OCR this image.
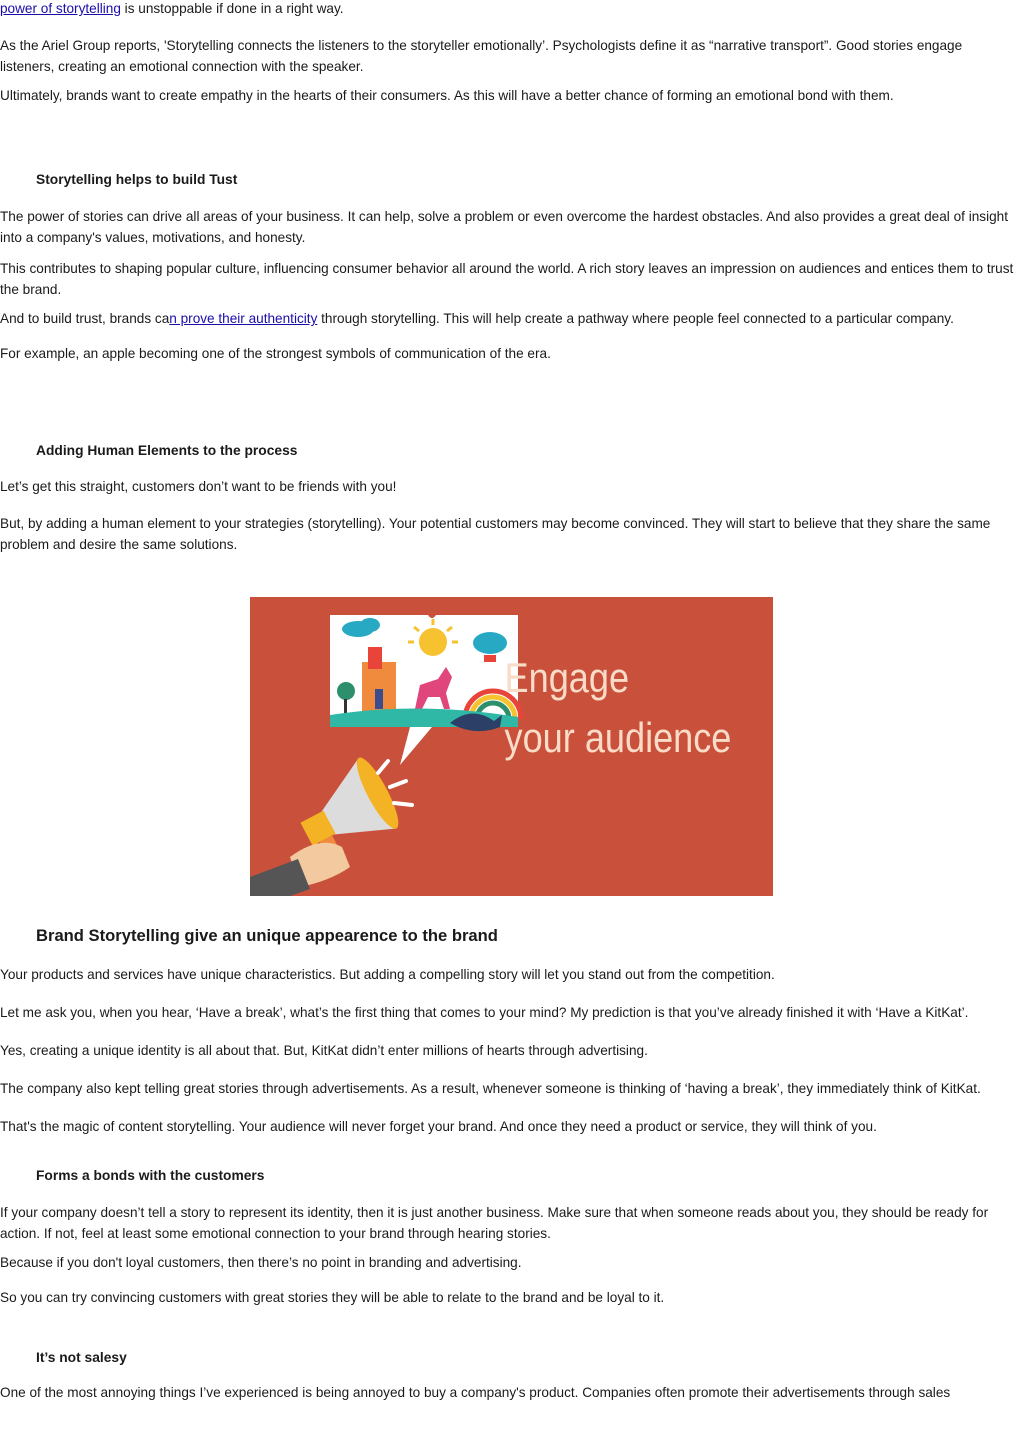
power of storytelling is unstoppable if done in a right way.

As the Ariel Group reports, 'Storytelling connects the listeners to the storyteller emotionally’. Psychologists define it as “narrative transport”. Good stories engage listeners, creating an emotional connection with the speaker.

Ultimately, brands want to create empathy in the hearts of their consumers. As this will have a better chance of forming an emotional bond with them.

Storytelling helps to build Tust

The power of stories can drive all areas of your business. It can help, solve a problem or even overcome the hardest obstacles. And also provides a great deal of insight into a company's values, motivations, and honesty.

This contributes to shaping popular culture, influencing consumer behavior all around the world. A rich story leaves an impression on audiences and entices them to trust the brand.

And to build trust, brands can prove their authenticity through storytelling. This will help create a pathway where people feel connected to a particular company.

For example, an apple becoming one of the strongest symbols of communication of the era.

Adding Human Elements to the process

Let’s get this straight, customers don’t want to be friends with you!

But, by adding a human element to your strategies (storytelling). Your potential customers may become convinced. They will start to believe that they share the same problem and desire the same solutions.

Engage
your audience
Brand Storytelling give an unique appearence to the brand

Your products and services have unique characteristics. But adding a compelling story will let you stand out from the competition.

Let me ask you, when you hear, ‘Have a break’, what’s the first thing that comes to your mind? My prediction is that you’ve already finished it with ‘Have a KitKat’.

Yes, creating a unique identity is all about that. But, KitKat didn’t enter millions of hearts through advertising.

The company also kept telling great stories through advertisements. As a result, whenever someone is thinking of ‘having a break’, they immediately think of KitKat.

That's the magic of content storytelling. Your audience will never forget your brand. And once they need a product or service, they will think of you.

Forms a bonds with the customers

If your company doesn’t tell a story to represent its identity, then it is just another business. Make sure that when someone reads about you, they should be ready for action. If not, feel at least some emotional connection to your brand through hearing stories.

Because if you don't loyal customers, then there’s no point in branding and advertising.

So you can try convincing customers with great stories they will be able to relate to the brand and be loyal to it.

It’s not salesy

One of the most annoying things I’ve experienced is being annoyed to buy a company's product. Companies often promote their advertisements through sales
